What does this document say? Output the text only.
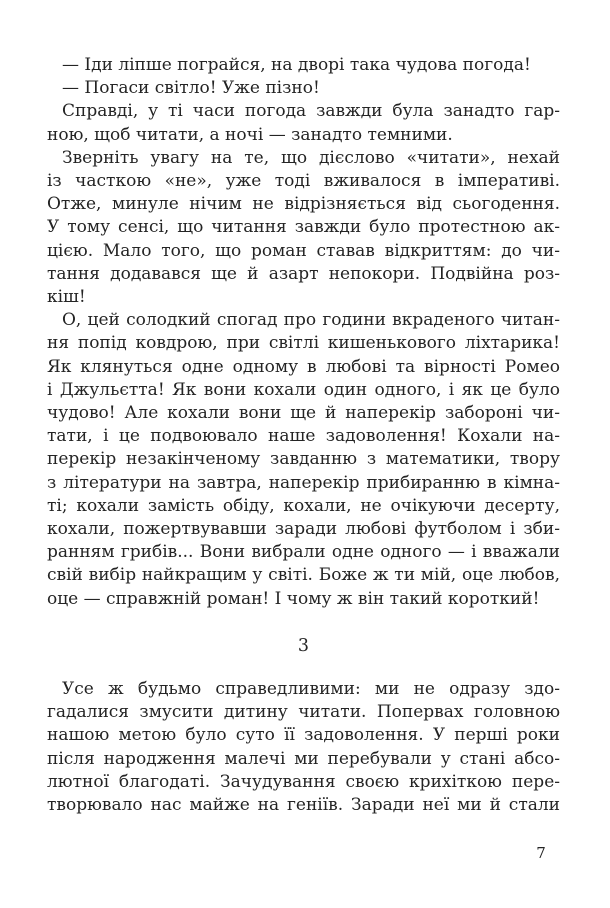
— Іди ліпше пограйся, на дворі така чудова погода!
— Погаси світло! Уже пізно!
Справді, у ті часи погода завжди була занадто гар-
ною, щоб читати, а ночі — занадто темними.
Зверніть увагу на те, що дієслово «читати», нехай
із часткою «не», уже тоді вживалося в імперативі.
Отже, минуле нічим не відрізняється від сьогодення.
У тому сенсі, що читання завжди було протестною ак-
цією. Мало того, що роман ставав відкриттям: до чи-
тання додавався ще й азарт непокори. Подвійна роз-
кіш!
О, цей солодкий спогад про години вкраденого читан-
ня попід ковдрою, при світлі кишенькового ліхтарика!
Як клянуться одне одному в любові та вірності Ромео
і Джульєтта! Як вони кохали один одного, і як це було
чудово! Але кохали вони ще й наперекір забороні чи-
тати, і це подвоювало наше задоволення! Кохали на-
перекір незакінченому завданню з математики, твору
з літератури на завтра, наперекір прибиранню в кімна-
ті; кохали замість обіду, кохали, не очікуючи десерту,
кохали, пожертвувавши заради любові футболом і зби-
ранням грибів... Вони вибрали одне одного — і вважали
свій вибір найкращим у світі. Боже ж ти мій, оце любов,
оце — справжній роман! І чому ж він такий короткий!
3
Усе ж будьмо справедливими: ми не одразу здо-
гадалися змусити дитину читати. Попервах головною
нашою метою було суто її задоволення. У перші роки
після народження малечі ми перебували у стані абсо-
лютної благодаті. Зачудування своєю крихіткою пере-
творювало нас майже на геніїв. Заради неї ми й стали
7
